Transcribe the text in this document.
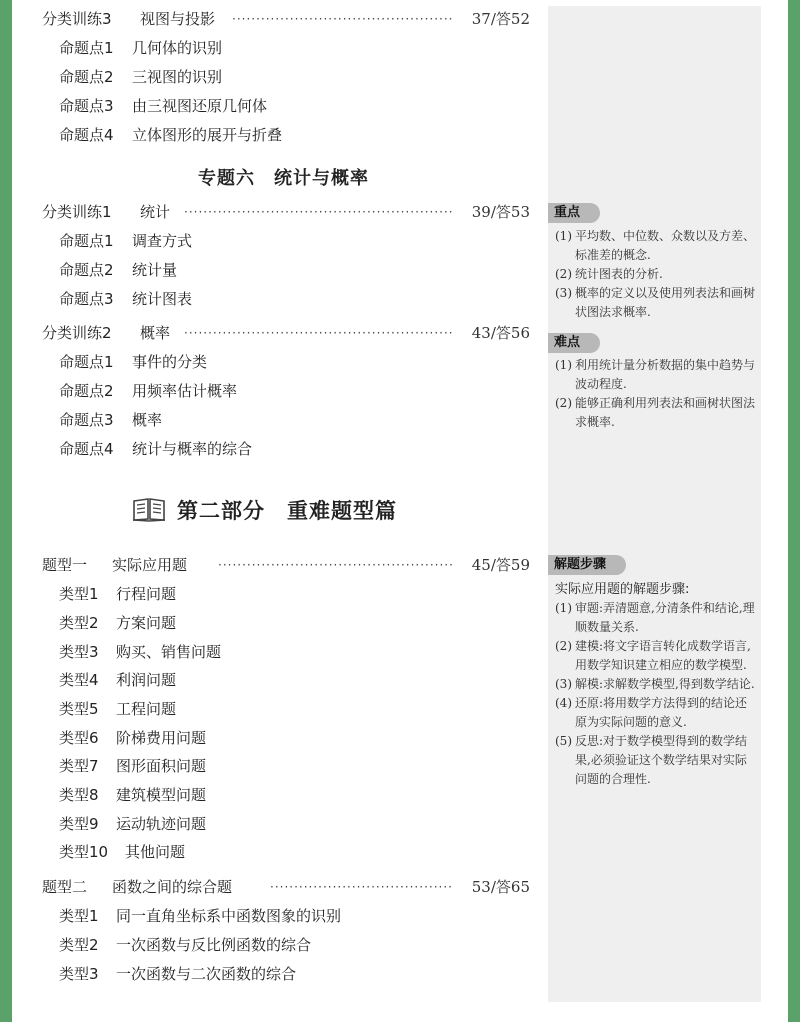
分类训练3 视图与投影 ·····	37/答52
命题点1 几何体的识别
命题点2 三视图的识别
命题点3 由三视图还原几何体
命题点4 立体图形的展开与折叠
专题六　统计与概率
分类训练1 统计 ·····	39/答53
命题点1 调查方式
命题点2 统计量
命题点3 统计图表
分类训练2 概率 ·····	43/答56
命题点1 事件的分类
命题点2 用频率估计概率
命题点3 概率
命题点4 统计与概率的综合
第二部分　重难题型篇
题型一 实际应用题 ·····	45/答59
类型1 行程问题
类型2 方案问题
类型3 购买、销售问题
类型4 利润问题
类型5 工程问题
类型6 阶梯费用问题
类型7 图形面积问题
类型8 建筑模型问题
类型9 运动轨迹问题
类型10 其他问题
题型二 函数之间的综合题 ·····	53/答65
类型1 同一直角坐标系中函数图象的识别
类型2 一次函数与反比例函数的综合
类型3 一次函数与二次函数的综合
重点
(1) 平均数、中位数、众数以及方差、标准差的概念.
(2) 统计图表的分析.
(3) 概率的定义以及使用列表法和画树状图法求概率.
难点
(1) 利用统计量分析数据的集中趋势与波动程度.
(2) 能够正确利用列表法和画树状图法求概率.
解题步骤
实际应用题的解题步骤:
(1) 审题:弄清题意,分清条件和结论,理顺数量关系.
(2) 建模:将文字语言转化成数学语言,用数学知识建立相应的数学模型.
(3) 解模:求解数学模型,得到数学结论.
(4) 还原:将用数学方法得到的结论还原为实际问题的意义.
(5) 反思:对于数学模型得到的数学结果,必须验证这个数学结果对实际问题的合理性.
